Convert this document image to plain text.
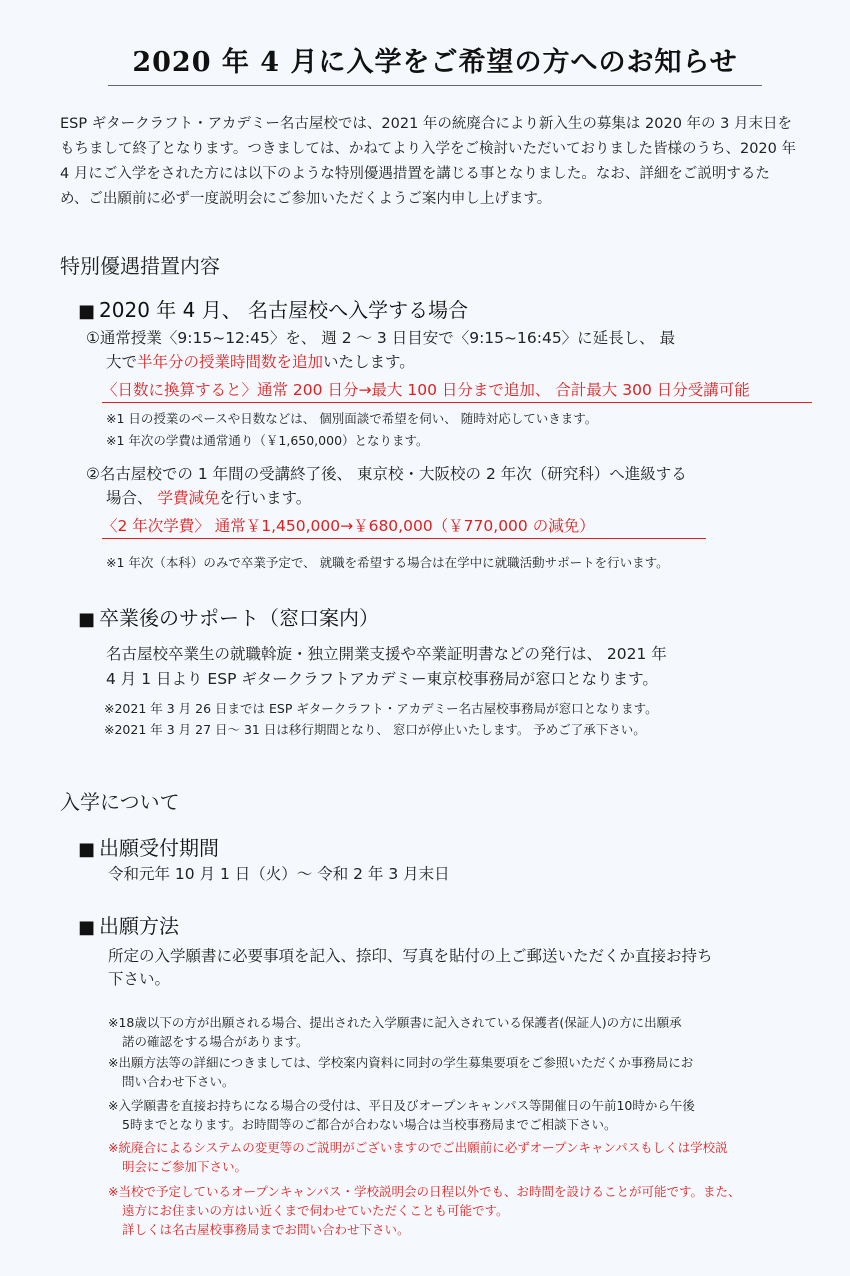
2020 年 4 月に入学をご希望の方へのお知らせ
ESP ギタークラフト・アカデミー名古屋校では、2021 年の統廃合により新入生の募集は 2020 年の 3 月末日をもちまして終了となります。つきましては、かねてより入学をご検討いただいておりました皆様のうち、2020 年 4 月にご入学をされた方には以下のような特別優遇措置を講じる事となりました。なお、詳細をご説明するため、ご出願前に必ず一度説明会にご参加いただくようご案内申し上げます。
特別優遇措置内容
■ 2020 年 4 月、 名古屋校へ入学する場合
①通常授業〈9:15~12:45〉を、 週 2 ～ 3 日目安で〈9:15~16:45〉に延長し、 最
大で半年分の授業時間数を追加いたします。
〈日数に換算すると〉通常 200 日分→最大 100 日分まで追加、 合計最大 300 日分受講可能
※1 日の授業のペースや日数などは、 個別面談で希望を伺い、 随時対応していきます。
※1 年次の学費は通常通り（￥1,650,000）となります。
②名古屋校での 1 年間の受講終了後、 東京校・大阪校の 2 年次（研究科）へ進級する
場合、 学費減免を行います。
〈2 年次学費〉 通常￥1,450,000→￥680,000（￥770,000 の減免）
※1 年次（本科）のみで卒業予定で、 就職を希望する場合は在学中に就職活動サポートを行います。
■ 卒業後のサポート（窓口案内）
名古屋校卒業生の就職斡旋・独立開業支援や卒業証明書などの発行は、 2021 年
4 月 1 日より ESP ギタークラフトアカデミー東京校事務局が窓口となります。
※2021 年 3 月 26 日までは ESP ギタークラフト・アカデミー名古屋校事務局が窓口となります。
※2021 年 3 月 27 日～ 31 日は移行期間となり、 窓口が停止いたします。 予めご了承下さい。
入学について
■ 出願受付期間
令和元年 10 月 1 日（火）～ 令和 2 年 3 月末日
■ 出願方法
所定の入学願書に必要事項を記入、捺印、写真を貼付の上ご郵送いただくか直接お持ち
下さい。
※18歳以下の方が出願される場合、提出された入学願書に記入されている保護者(保証人)の方に出願承
諾の確認をする場合があります。
※出願方法等の詳細につきましては、学校案内資料に同封の学生募集要項をご参照いただくか事務局にお
問い合わせ下さい。
※入学願書を直接お持ちになる場合の受付は、平日及びオープンキャンパス等開催日の午前10時から午後
5時までとなります。お時間等のご都合が合わない場合は当校事務局までご相談下さい。
※統廃合によるシステムの変更等のご説明がございますのでご出願前に必ずオープンキャンパスもしくは学校説
明会にご参加下さい。
※当校で予定しているオープンキャンパス・学校説明会の日程以外でも、お時間を設けることが可能です。また、
遠方にお住まいの方はい近くまで伺わせていただくことも可能です。
詳しくは名古屋校事務局までお問い合わせ下さい。
